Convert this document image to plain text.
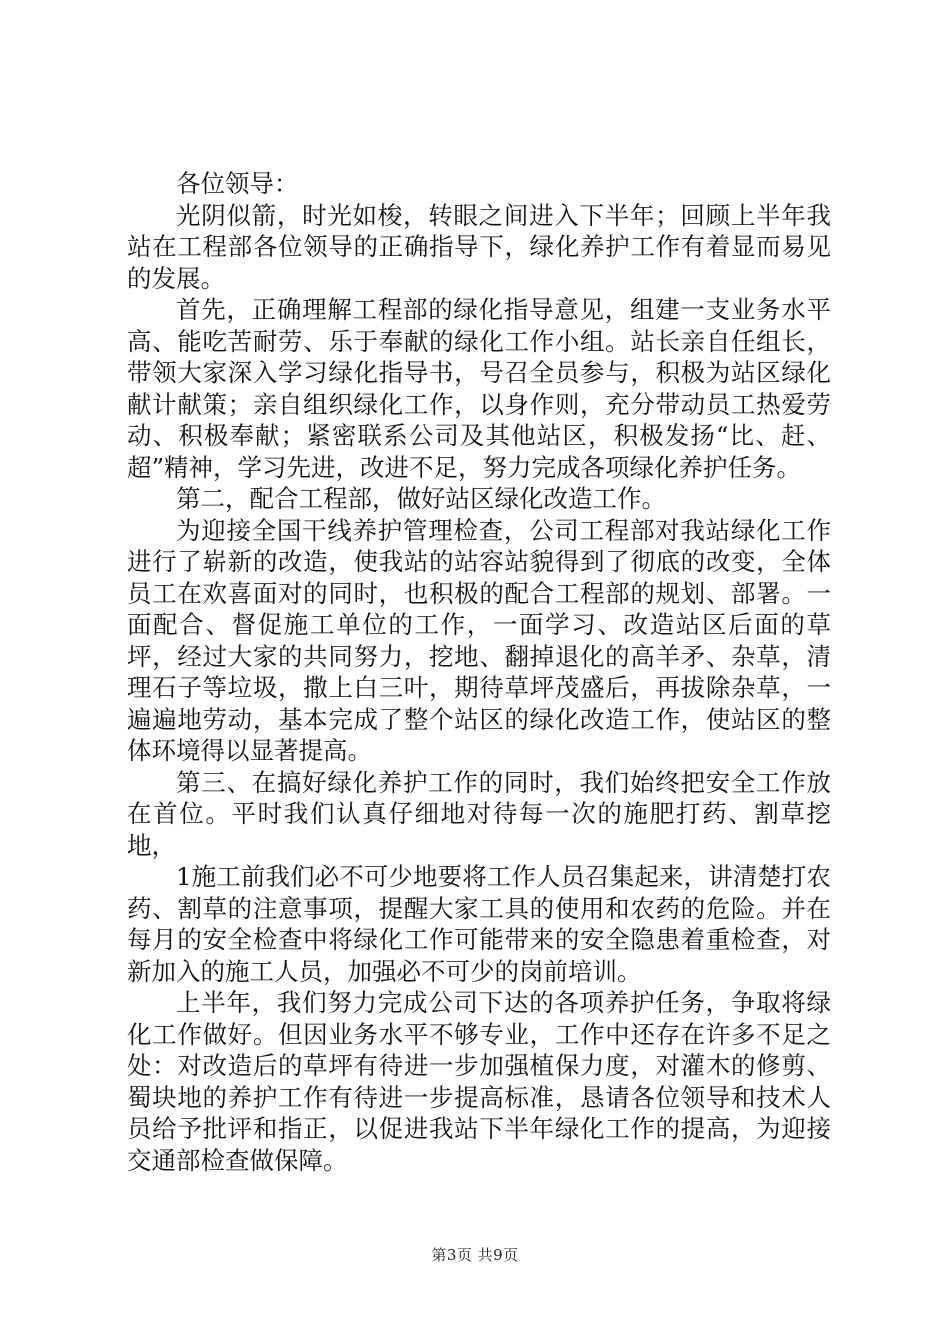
各位领导：

光阴似箭，时光如梭，转眼之间进入下半年；回顾上半年我站在工程部各位领导的正确指导下，绿化养护工作有着显而易见的发展。

首先，正确理解工程部的绿化指导意见，组建一支业务水平高、能吃苦耐劳、乐于奉献的绿化工作小组。站长亲自任组长，带领大家深入学习绿化指导书，号召全员参与，积极为站区绿化献计献策；亲自组织绿化工作，以身作则，充分带动员工热爱劳动、积极奉献；紧密联系公司及其他站区，积极发扬“比、赶、超”精神，学习先进，改进不足，努力完成各项绿化养护任务。

第二，配合工程部，做好站区绿化改造工作。

为迎接全国干线养护管理检查，公司工程部对我站绿化工作进行了崭新的改造，使我站的站容站貌得到了彻底的改变，全体员工在欢喜面对的同时，也积极的配合工程部的规划、部署。一面配合、督促施工单位的工作，一面学习、改造站区后面的草坪，经过大家的共同努力，挖地、翻掉退化的高羊矛、杂草，清理石子等垃圾，撒上白三叶，期待草坪茂盛后，再拔除杂草，一遍遍地劳动，基本完成了整个站区的绿化改造工作，使站区的整体环境得以显著提高。

第三、在搞好绿化养护工作的同时，我们始终把安全工作放在首位。平时我们认真仔细地对待每一次的施肥打药、割草挖地，

1施工前我们必不可少地要将工作人员召集起来，讲清楚打农药、割草的注意事项，提醒大家工具的使用和农药的危险。并在每月的安全检查中将绿化工作可能带来的安全隐患着重检查，对新加入的施工人员，加强必不可少的岗前培训。

上半年，我们努力完成公司下达的各项养护任务，争取将绿化工作做好。但因业务水平不够专业，工作中还存在许多不足之处：对改造后的草坪有待进一步加强植保力度，对灌木的修剪、蜀块地的养护工作有待进一步提高标准，恳请各位领导和技术人员给予批评和指正，以促进我站下半年绿化工作的提高，为迎接交通部检查做保障。

第3页 共9页
